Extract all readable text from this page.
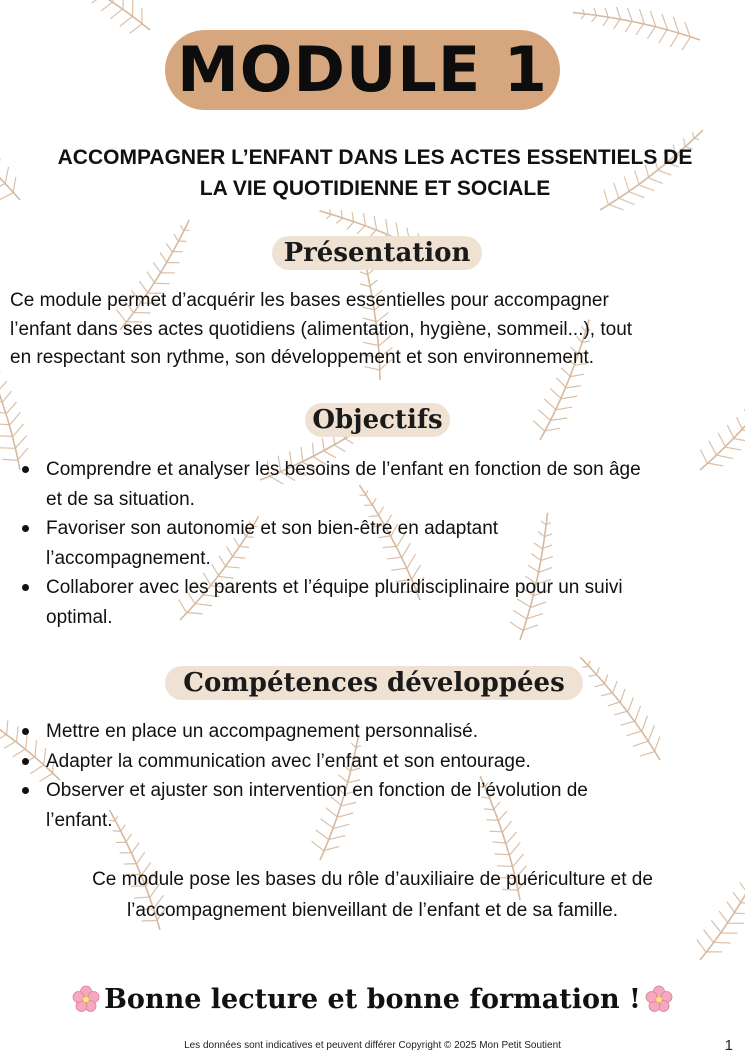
MODULE 1
ACCOMPAGNER L’ENFANT DANS LES ACTES ESSENTIELS DE
LA VIE QUOTIDIENNE ET SOCIALE
Présentation
Ce module permet d’acquérir les bases essentielles pour accompagner
l’enfant dans ses actes quotidiens (alimentation, hygiène, sommeil...), tout
en respectant son rythme, son développement et son environnement.
Objectifs
Comprendre et analyser les besoins de l’enfant en fonction de son âge
et de sa situation.
Favoriser son autonomie et son bien-être en adaptant
l’accompagnement.
Collaborer avec les parents et l’équipe pluridisciplinaire pour un suivi
optimal.
Compétences développées
Mettre en place un accompagnement personnalisé.
Adapter la communication avec l’enfant et son entourage.
Observer et ajuster son intervention en fonction de l’évolution de
l’enfant.
Ce module pose les bases du rôle d’auxiliaire de puériculture et de
l’accompagnement bienveillant de l’enfant et de sa famille.
Bonne lecture et bonne formation !
Les données sont indicatives et peuvent différer Copyright © 2025 Mon Petit Soutient	1
